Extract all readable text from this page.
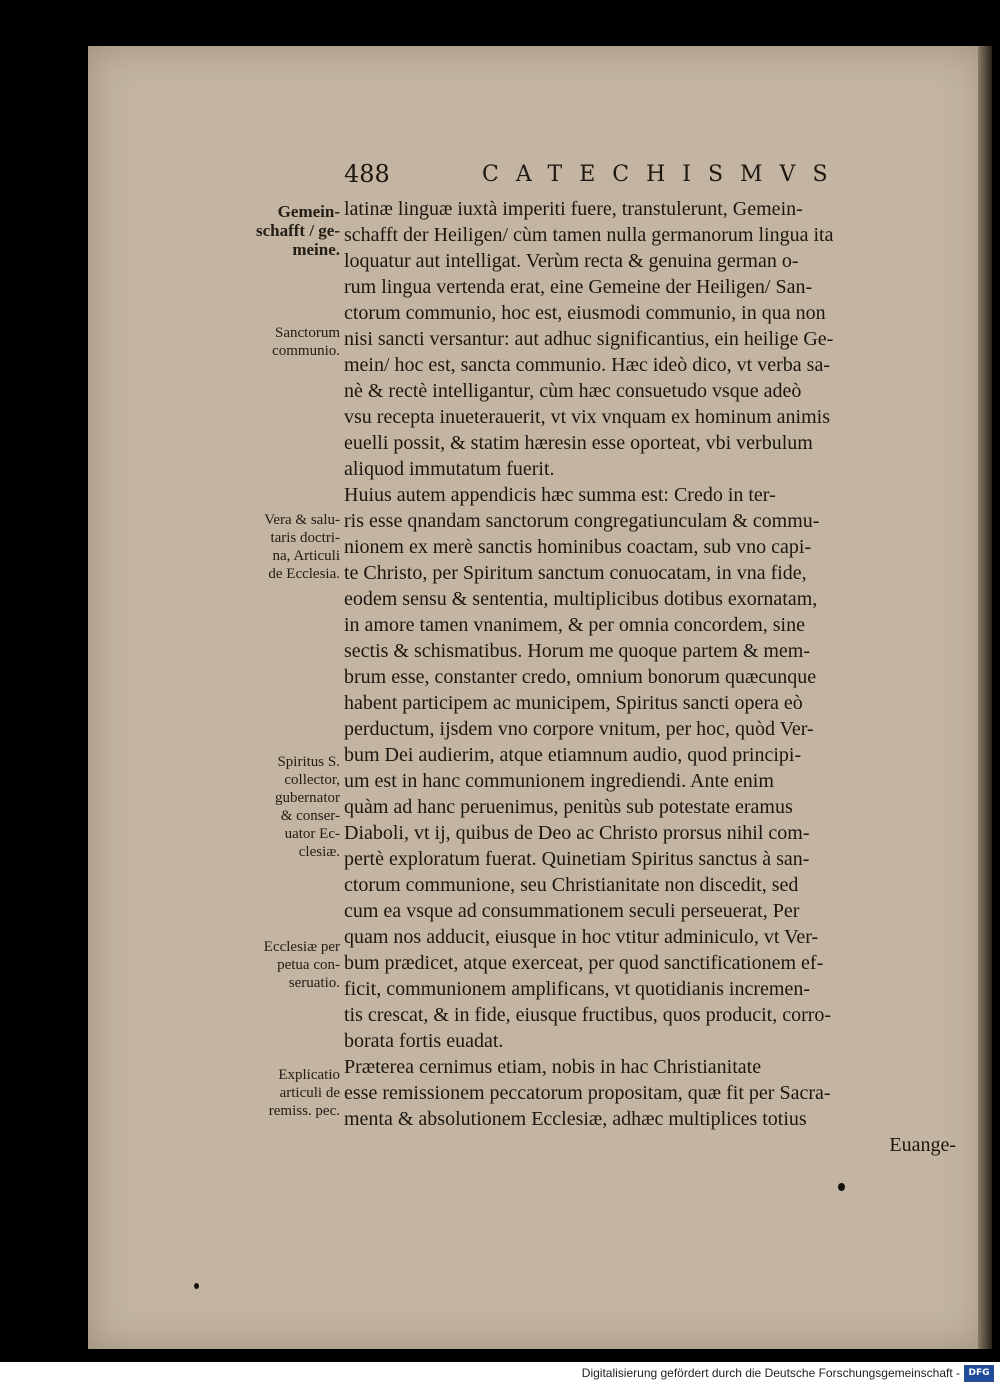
488	CATECHISMVS
latinæ linguæ iuxtà imperiti fuere, transtulerunt, Gemein-
schafft der Heiligen/ cùm tamen nulla germanorum lingua ita
loquatur aut intelligat. Verùm recta & genuina german o-
rum lingua vertenda erat, eine Gemeine der Heiligen/ San-
ctorum communio, hoc est, eiusmodi communio, in qua non
nisi sancti versantur: aut adhuc significantius, ein heilige Ge-
mein/ hoc est, sancta communio. Hæc ideò dico, vt verba sa-
nè & rectè intelligantur, cùm hæc consuetudo vsque adeò
vsu recepta inueterauerit, vt vix vnquam ex hominum animis
euelli possit, & statim hæresin esse oporteat, vbi verbulum
aliquod immutatum fuerit.
Huius autem appendicis hæc summa est: Credo in ter-
ris esse qnandam sanctorum congregatiunculam & commu-
nionem ex merè sanctis hominibus coactam, sub vno capi-
te Christo, per Spiritum sanctum conuocatam, in vna fide,
eodem sensu & sententia, multiplicibus dotibus exornatam,
in amore tamen vnanimem, & per omnia concordem, sine
sectis & schismatibus. Horum me quoque partem & mem-
brum esse, constanter credo, omnium bonorum quæcunque
habent participem ac municipem, Spiritus sancti opera eò
perductum, ijsdem vno corpore vnitum, per hoc, quòd Ver-
bum Dei audierim, atque etiamnum audio, quod principi-
um est in hanc communionem ingrediendi. Ante enim
quàm ad hanc peruenimus, penitùs sub potestate eramus
Diaboli, vt ij, quibus de Deo ac Christo prorsus nihil com-
pertè exploratum fuerat. Quinetiam Spiritus sanctus à san-
ctorum communione, seu Christianitate non discedit, sed
cum ea vsque ad consummationem seculi perseuerat, Per
quam nos adducit, eiusque in hoc vtitur adminiculo, vt Ver-
bum prædicet, atque exerceat, per quod sanctificationem ef-
ficit, communionem amplificans, vt quotidianis incremen-
tis crescat, & in fide, eiusque fructibus, quos producit, corro-
borata fortis euadat.
Præterea cernimus etiam, nobis in hac Christianitate
esse remissionem peccatorum propositam, quæ fit per Sacra-
menta & absolutionem Ecclesiæ, adhæc multiplices totius
Euange-
Gemein-
schafft / ge-
meine.
Sanctorum
communio.
Vera & salu-
taris doctri-
na, Articuli
de Ecclesia.
Spiritus S.
collector,
gubernator
& conser-
uator Ec-
clesiæ.
Ecclesiæ per
petua con-
seruatio.
Explicatio
articuli de
remiss. pec.
Digitalisierung gefördert durch die Deutsche Forschungsgemeinschaft - DFG
